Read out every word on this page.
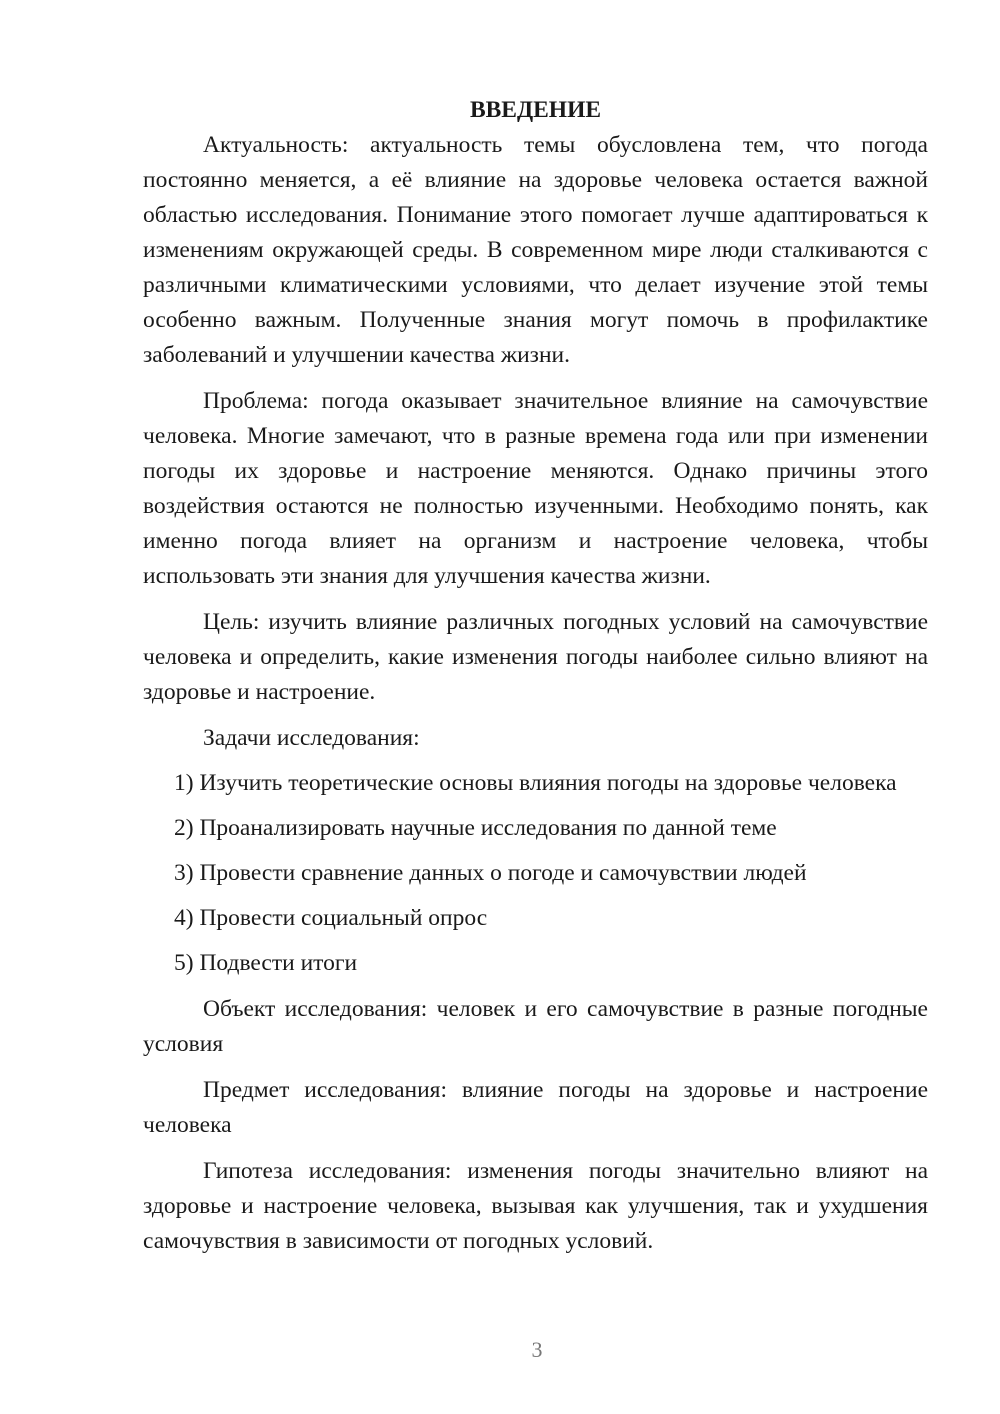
ВВЕДЕНИЕ

Актуальность: актуальность темы обусловлена тем, что погода постоянно меняется, а её влияние на здоровье человека остается важной областью исследования. Понимание этого помогает лучше адаптироваться к изменениям окружающей среды. В современном мире люди сталкиваются с различными климатическими условиями, что делает изучение этой темы особенно важным. Полученные знания могут помочь в профилактике заболеваний и улучшении качества жизни.

Проблема: погода оказывает значительное влияние на самочувствие человека. Многие замечают, что в разные времена года или при изменении погоды их здоровье и настроение меняются. Однако причины этого воздействия остаются не полностью изученными. Необходимо понять, как именно погода влияет на организм и настроение человека, чтобы использовать эти знания для улучшения качества жизни.

Цель: изучить влияние различных погодных условий на самочувствие человека и определить, какие изменения погоды наиболее сильно влияют на здоровье и настроение.

Задачи исследования:

1) Изучить теоретические основы влияния погоды на здоровье человека
2) Проанализировать научные исследования по данной теме
3) Провести сравнение данных о погоде и самочувствии людей
4) Провести социальный опрос
5) Подвести итоги

Объект исследования: человек и его самочувствие в разные погодные условия

Предмет исследования: влияние погоды на здоровье и настроение человека

Гипотеза исследования: изменения погоды значительно влияют на здоровье и настроение человека, вызывая как улучшения, так и ухудшения самочувствия в зависимости от погодных условий.

3
